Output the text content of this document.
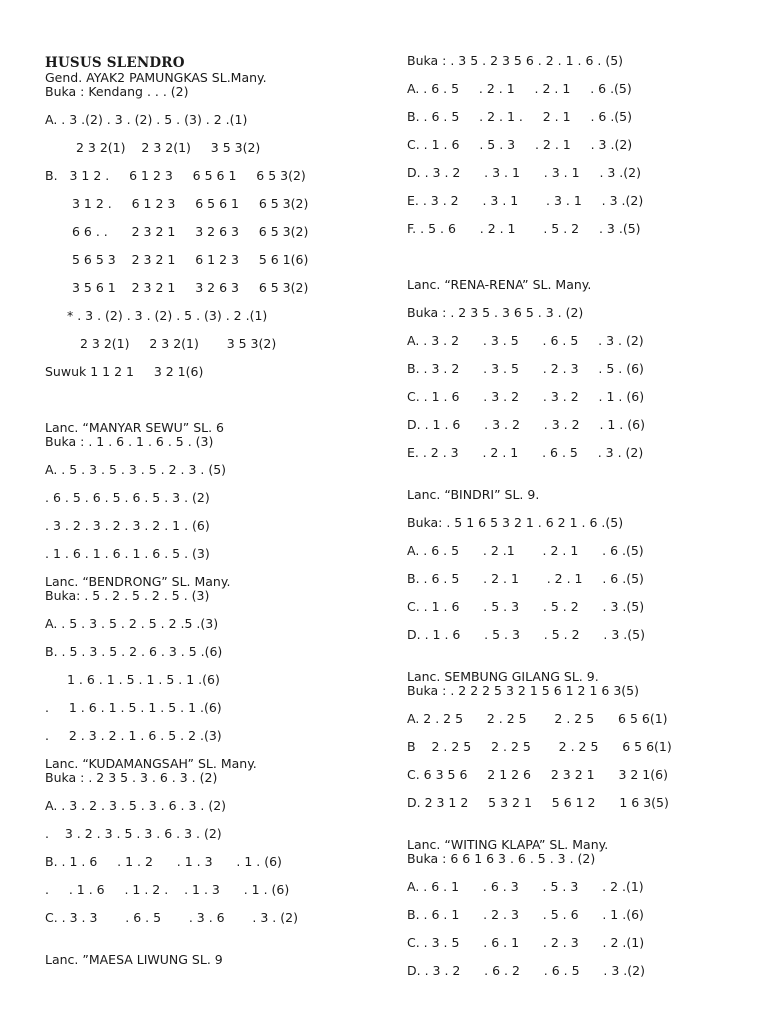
HUSUS SLENDRO
Gend. AYAK2 PAMUNGKAS SL.Many.
Buka : Kendang . . . (2)
A. . 3 .(2) . 3 . (2) . 5 . (3) . 2 .(1)
2 3 2(1)    2 3 2(1)     3 5 3(2)
B.   3 1 2 .     6 1 2 3     6 5 6 1     6 5 3(2)
3 1 2 .     6 1 2 3     6 5 6 1     6 5 3(2)
6 6 . .      2 3 2 1     3 2 6 3     6 5 3(2)
5 6 5 3    2 3 2 1     6 1 2 3     5 6 1(6)
3 5 6 1    2 3 2 1     3 2 6 3     6 5 3(2)
* . 3 . (2) . 3 . (2) . 5 . (3) . 2 .(1)
2 3 2(1)     2 3 2(1)       3 5 3(2)
Suwuk 1 1 2 1     3 2 1(6)
Lanc. “MANYAR SEWU” SL. 6
Buka : . 1 . 6 . 1 . 6 . 5 . (3)
A. . 5 . 3 . 5 . 3 . 5 . 2 . 3 . (5)
. 6 . 5 . 6 . 5 . 6 . 5 . 3 . (2)
. 3 . 2 . 3 . 2 . 3 . 2 . 1 . (6)
. 1 . 6 . 1 . 6 . 1 . 6 . 5 . (3)
Lanc. “BENDRONG” SL. Many.
Buka: . 5 . 2 . 5 . 2 . 5 . (3)
A. . 5 . 3 . 5 . 2 . 5 . 2 .5 .(3)
B. . 5 . 3 . 5 . 2 . 6 . 3 . 5 .(6)
1 . 6 . 1 . 5 . 1 . 5 . 1 .(6)
.     1 . 6 . 1 . 5 . 1 . 5 . 1 .(6)
.     2 . 3 . 2 . 1 . 6 . 5 . 2 .(3)
Lanc. “KUDAMANGSAH” SL. Many.
Buka : . 2 3 5 . 3 . 6 . 3 . (2)
A. . 3 . 2 . 3 . 5 . 3 . 6 . 3 . (2)
.    3 . 2 . 3 . 5 . 3 . 6 . 3 . (2)
B. . 1 . 6     . 1 . 2      . 1 . 3      . 1 . (6)
.     . 1 . 6     . 1 . 2 .    . 1 . 3      . 1 . (6)
C. . 3 . 3       . 6 . 5       . 3 . 6       . 3 . (2)
Lanc. ”MAESA LIWUNG SL. 9
Buka : . 3 5 . 2 3 5 6 . 2 . 1 . 6 . (5)
A. . 6 . 5     . 2 . 1     . 2 . 1     . 6 .(5)
B. . 6 . 5     . 2 . 1 .     2 . 1     . 6 .(5)
C. . 1 . 6     . 5 . 3     . 2 . 1     . 3 .(2)
D. . 3 . 2      . 3 . 1      . 3 . 1     . 3 .(2)
E. . 3 . 2      . 3 . 1       . 3 . 1     . 3 .(2)
F. . 5 . 6      . 2 . 1       . 5 . 2     . 3 .(5)
Lanc. “RENA-RENA” SL. Many.
Buka : . 2 3 5 . 3 6 5 . 3 . (2)
A. . 3 . 2      . 3 . 5      . 6 . 5     . 3 . (2)
B. . 3 . 2      . 3 . 5      . 2 . 3     . 5 . (6)
C. . 1 . 6      . 3 . 2      . 3 . 2     . 1 . (6)
D. . 1 . 6      . 3 . 2      . 3 . 2     . 1 . (6)
E. . 2 . 3      . 2 . 1      . 6 . 5     . 3 . (2)
Lanc. “BINDRI” SL. 9.
Buka: . 5 1 6 5 3 2 1 . 6 2 1 . 6 .(5)
A. . 6 . 5      . 2 .1       . 2 . 1      . 6 .(5)
B. . 6 . 5      . 2 . 1       . 2 . 1     . 6 .(5)
C. . 1 . 6      . 5 . 3      . 5 . 2      . 3 .(5)
D. . 1 . 6      . 5 . 3      . 5 . 2      . 3 .(5)
Lanc. SEMBUNG GILANG SL. 9.
Buka : . 2 2 2 5 3 2 1 5 6 1 2 1 6 3(5)
A. 2 . 2 5      2 . 2 5       2 . 2 5      6 5 6(1)
B    2 . 2 5     2 . 2 5       2 . 2 5      6 5 6(1)
C. 6 3 5 6     2 1 2 6     2 3 2 1      3 2 1(6)
D. 2 3 1 2     5 3 2 1     5 6 1 2      1 6 3(5)
Lanc. “WITING KLAPA” SL. Many.
Buka : 6 6 1 6 3 . 6 . 5 . 3 . (2)
A. . 6 . 1      . 6 . 3      . 5 . 3      . 2 .(1)
B. . 6 . 1      . 2 . 3      . 5 . 6      . 1 .(6)
C. . 3 . 5      . 6 . 1      . 2 . 3      . 2 .(1)
D. . 3 . 2      . 6 . 2      . 6 . 5      . 3 .(2)
